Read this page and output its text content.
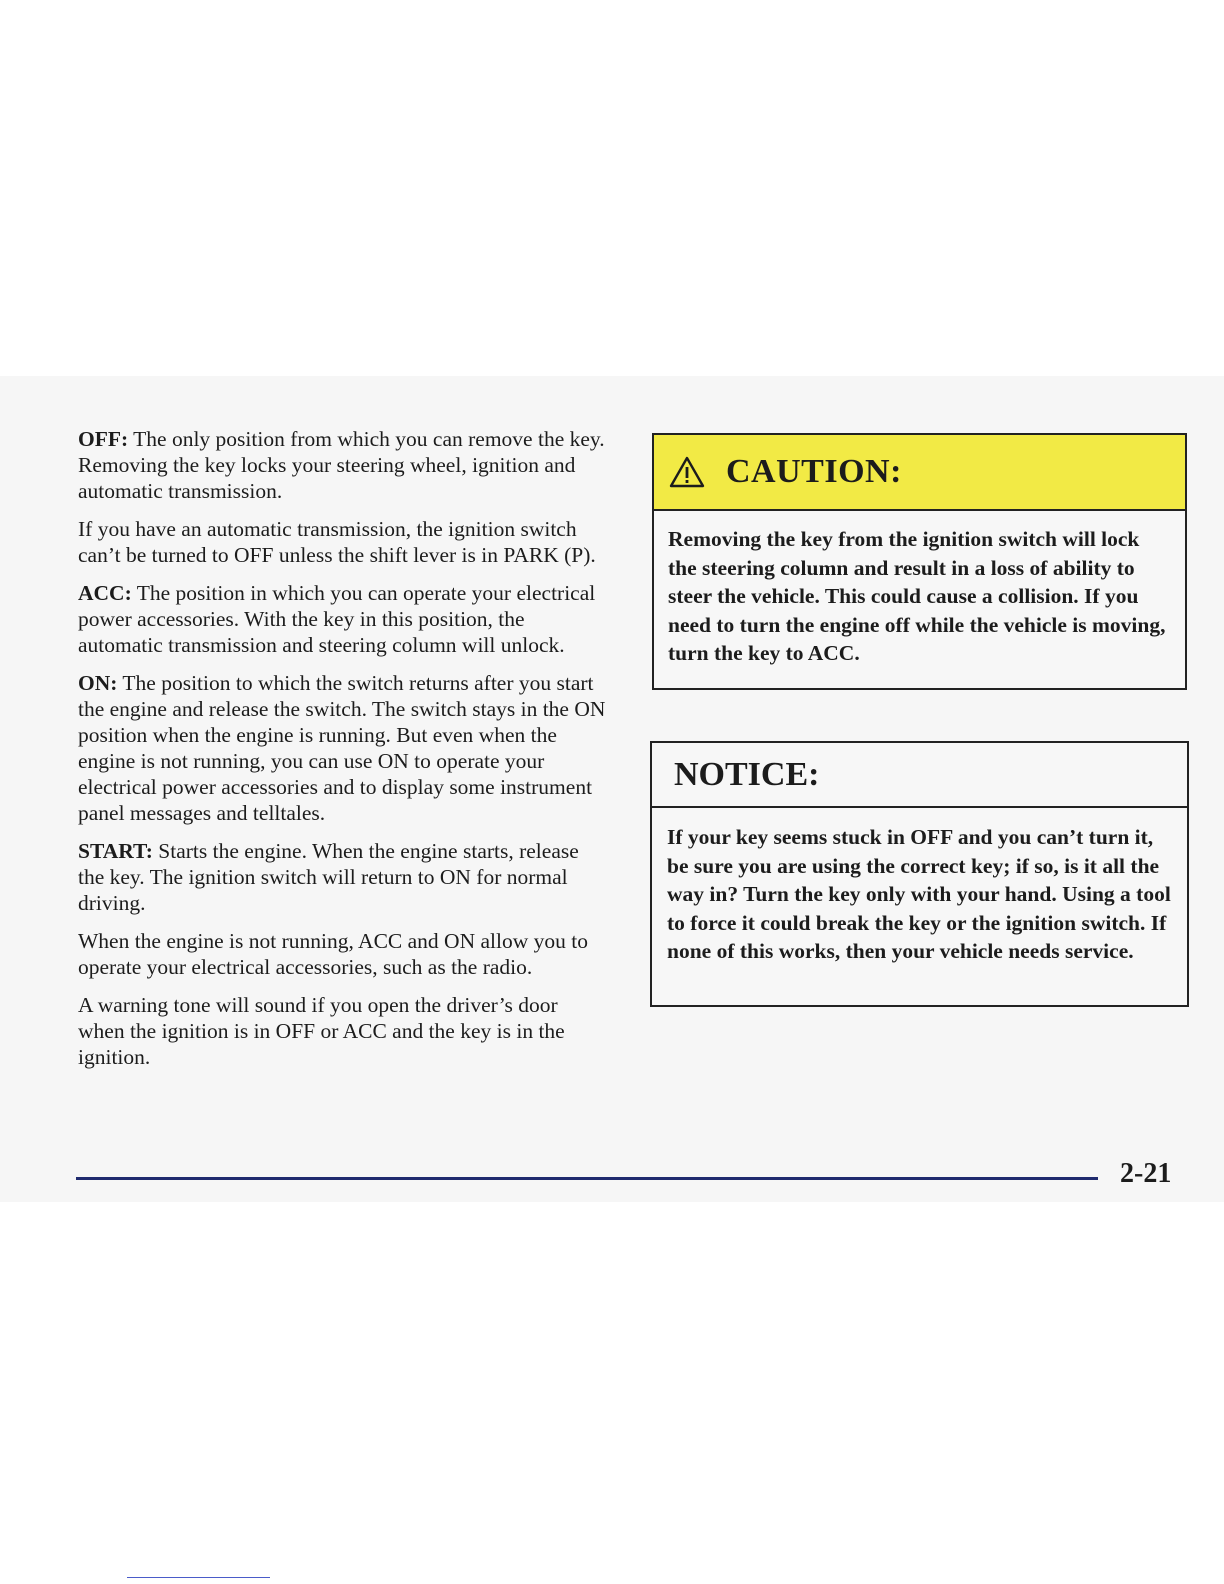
OFF: The only position from which you can remove the key. Removing the key locks your steering wheel, ignition and automatic transmission.

If you have an automatic transmission, the ignition switch can’t be turned to OFF unless the shift lever is in PARK (P).

ACC: The position in which you can operate your electrical power accessories. With the key in this position, the automatic transmission and steering column will unlock.

ON: The position to which the switch returns after you start the engine and release the switch. The switch stays in the ON position when the engine is running. But even when the engine is not running, you can use ON to operate your electrical power accessories and to display some instrument panel messages and telltales.

START: Starts the engine. When the engine starts, release the key. The ignition switch will return to ON for normal driving.

When the engine is not running, ACC and ON allow you to operate your electrical accessories, such as the radio.

A warning tone will sound if you open the driver’s door when the ignition is in OFF or ACC and the key is in the ignition.

CAUTION:
Removing the key from the ignition switch will lock the steering column and result in a loss of ability to steer the vehicle. This could cause a collision. If you need to turn the engine off while the vehicle is moving, turn the key to ACC.
NOTICE:
If your key seems stuck in OFF and you can’t turn it, be sure you are using the correct key; if so, is it all the way in? Turn the key only with your hand. Using a tool to force it could break the key or the ignition switch. If none of this works, then your vehicle needs service.
2-21
